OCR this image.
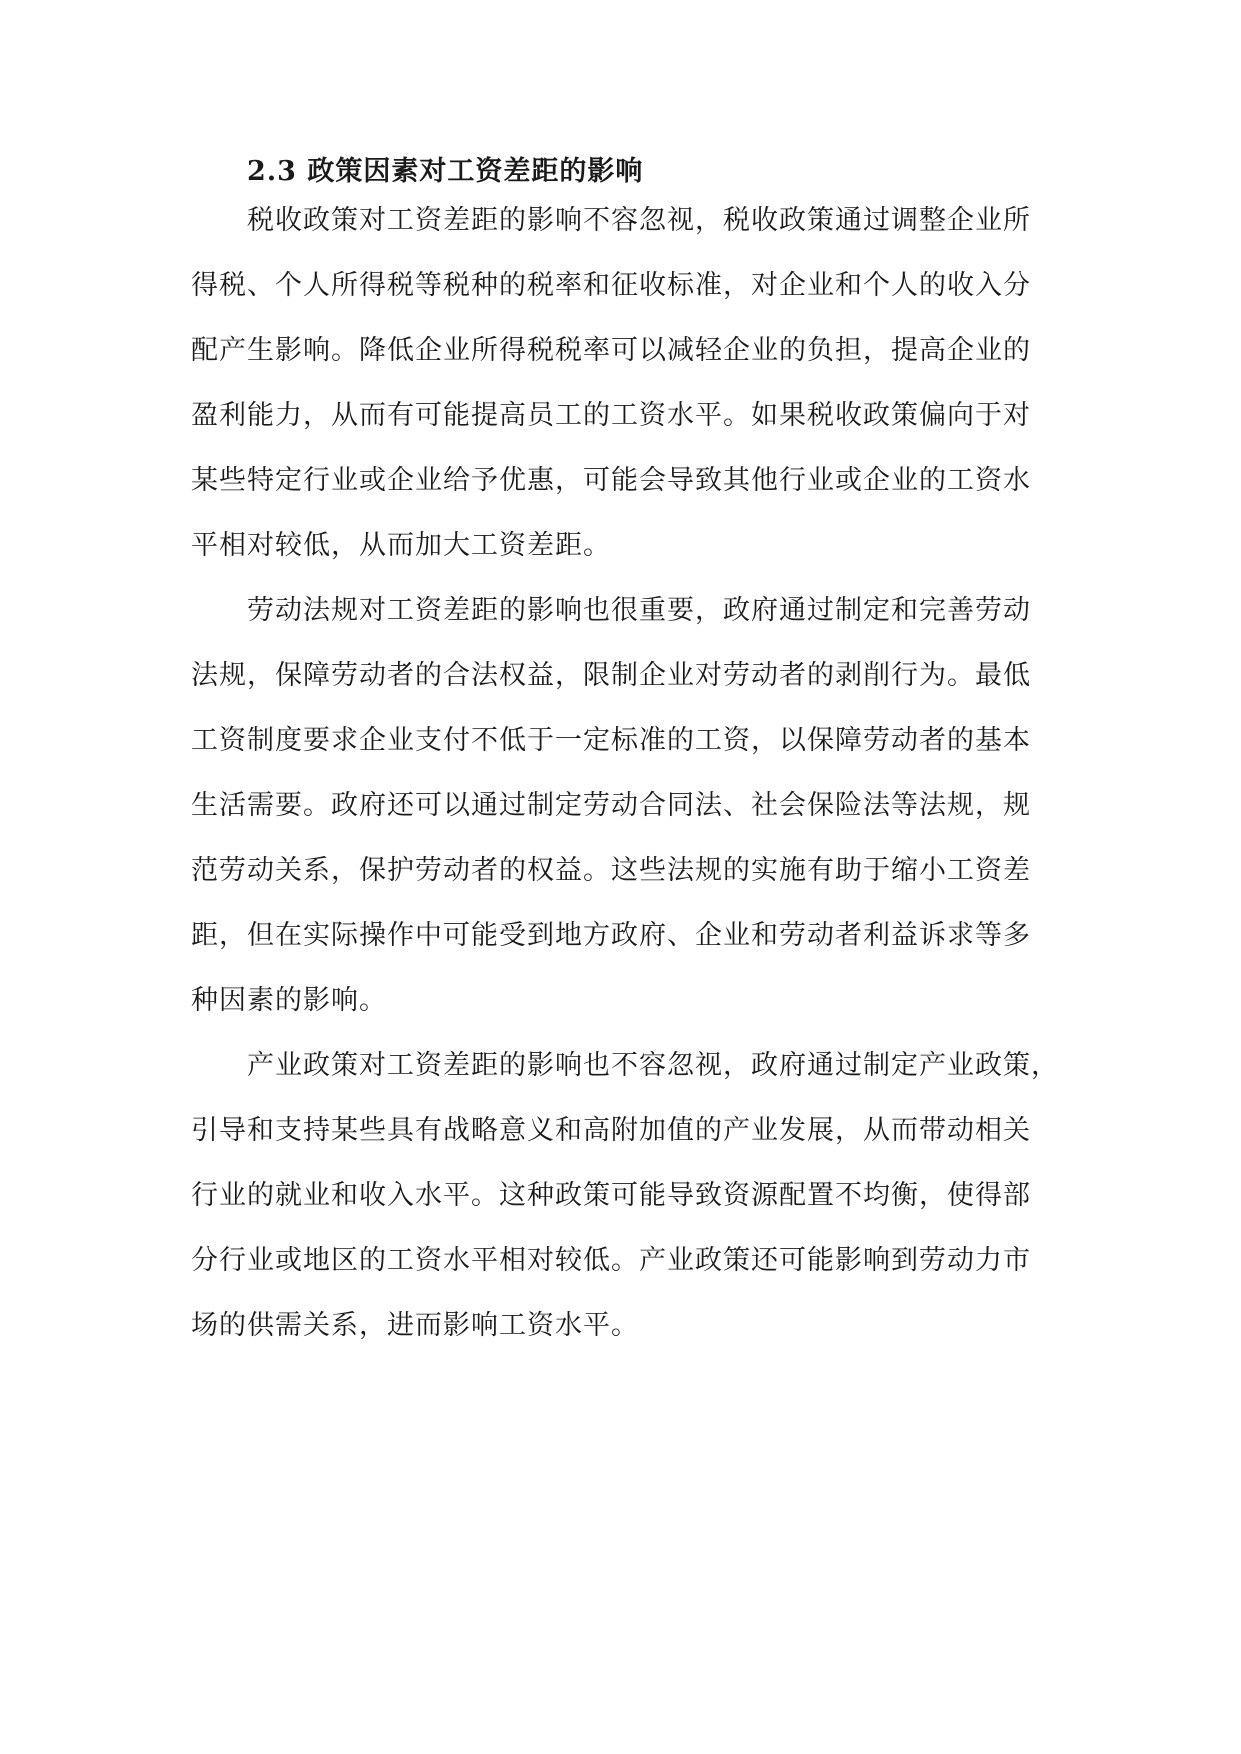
2.3 政策因素对工资差距的影响
税收政策对工资差距的影响不容忽视，税收政策通过调整企业所
得税、个人所得税等税种的税率和征收标准，对企业和个人的收入分
配产生影响。降低企业所得税税率可以减轻企业的负担，提高企业的
盈利能力，从而有可能提高员工的工资水平。如果税收政策偏向于对
某些特定行业或企业给予优惠，可能会导致其他行业或企业的工资水
平相对较低，从而加大工资差距。
劳动法规对工资差距的影响也很重要，政府通过制定和完善劳动
法规，保障劳动者的合法权益，限制企业对劳动者的剥削行为。最低
工资制度要求企业支付不低于一定标准的工资，以保障劳动者的基本
生活需要。政府还可以通过制定劳动合同法、社会保险法等法规，规
范劳动关系，保护劳动者的权益。这些法规的实施有助于缩小工资差
距，但在实际操作中可能受到地方政府、企业和劳动者利益诉求等多
种因素的影响。
产业政策对工资差距的影响也不容忽视，政府通过制定产业政策，
引导和支持某些具有战略意义和高附加值的产业发展，从而带动相关
行业的就业和收入水平。这种政策可能导致资源配置不均衡，使得部
分行业或地区的工资水平相对较低。产业政策还可能影响到劳动力市
场的供需关系，进而影响工资水平。
